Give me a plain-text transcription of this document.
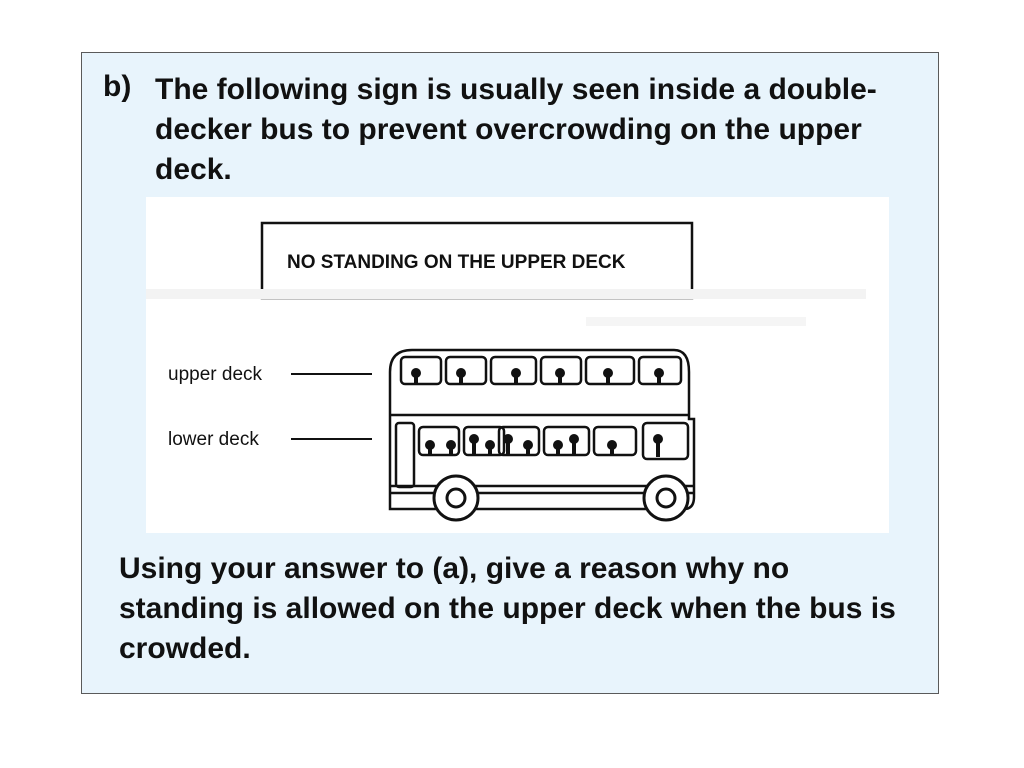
b) The following sign is usually seen inside a double-decker bus to prevent overcrowding on the upper deck.
NO STANDING ON THE UPPER DECK
upper deck
lower deck
Using your answer to (a), give a reason why no standing is allowed on the upper deck when the bus is crowded.
